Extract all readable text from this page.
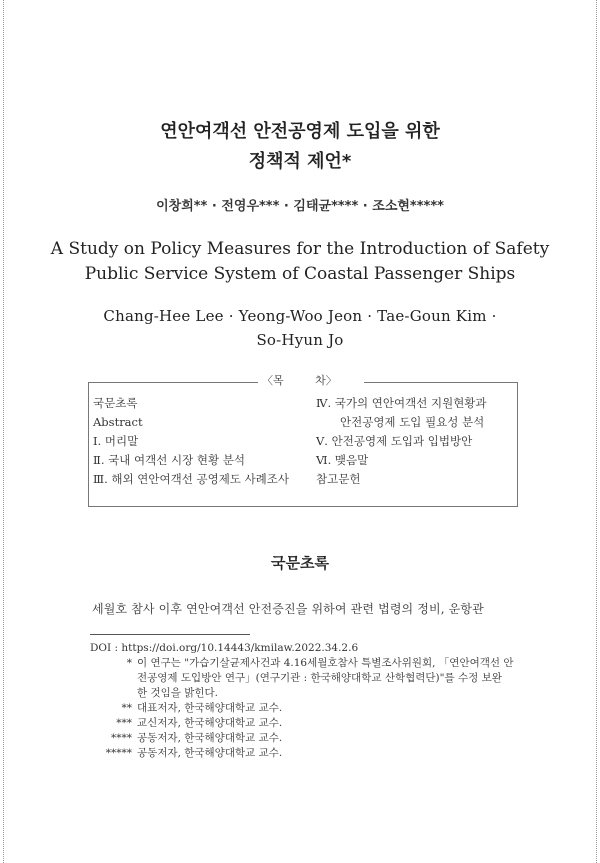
연안여객선 안전공영제 도입을 위한
정책적 제언*
이창희** · 전영우*** · 김태균**** · 조소현*****
A Study on Policy Measures for the Introduction of Safety
Public Service System of Coastal Passenger Ships
Chang-Hee Lee · Yeong-Woo Jeon · Tae-Goun Kim ·
So-Hyun Jo
〈목         차〉
국문초록
Abstract
Ⅰ. 머리말
Ⅱ. 국내 여객선 시장 현황 분석
Ⅲ. 해외 연안여객선 공영제도 사례조사
Ⅳ. 국가의 연안여객선 지원현황과
안전공영제 도입 필요성 분석
Ⅴ. 안전공영제 도입과 입법방안
Ⅵ. 맺음말
참고문헌
국문초록
세월호 참사 이후 연안여객선 안전증진을 위하여 관련 법령의 정비, 운항관
DOI : https://doi.org/10.14443/kmilaw.2022.34.2.6
* 이 연구는 "가습기살균제사건과 4.16세월호참사 특별조사위원회, 「연안여객선 안
전공영제 도입방안 연구」(연구기관 : 한국해양대학교 산학협력단)"를 수정 보완
한 것임을 밝힌다.
** 대표저자, 한국해양대학교 교수.
*** 교신저자, 한국해양대학교 교수.
**** 공동저자, 한국해양대학교 교수.
***** 공동저자, 한국해양대학교 교수.
